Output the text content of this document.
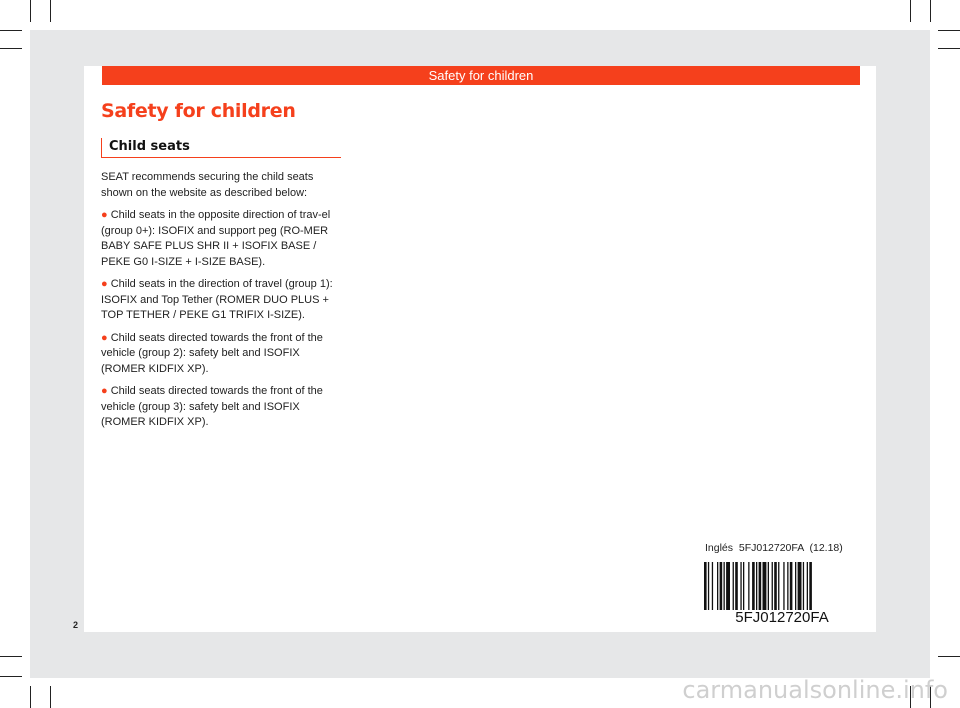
Safety for children
Safety for children
Child seats

SEAT recommends securing the child seats shown on the website as described below:

● Child seats in the opposite direction of trav-el (group 0+): ISOFIX and support peg (RO-MER BABY SAFE PLUS SHR II + ISOFIX BASE / PEKE G0 I-SIZE + I-SIZE BASE).

● Child seats in the direction of travel (group 1): ISOFIX and Top Tether (ROMER DUO PLUS + TOP TETHER / PEKE G1 TRIFIX I-SIZE).

● Child seats directed towards the front of the vehicle (group 2): safety belt and ISOFIX (ROMER KIDFIX XP).

● Child seats directed towards the front of the vehicle (group 3): safety belt and ISOFIX (ROMER KIDFIX XP).

2
Inglés  5FJ012720FA  (12.18)
5FJ012720FA
carmanualsonline.info
